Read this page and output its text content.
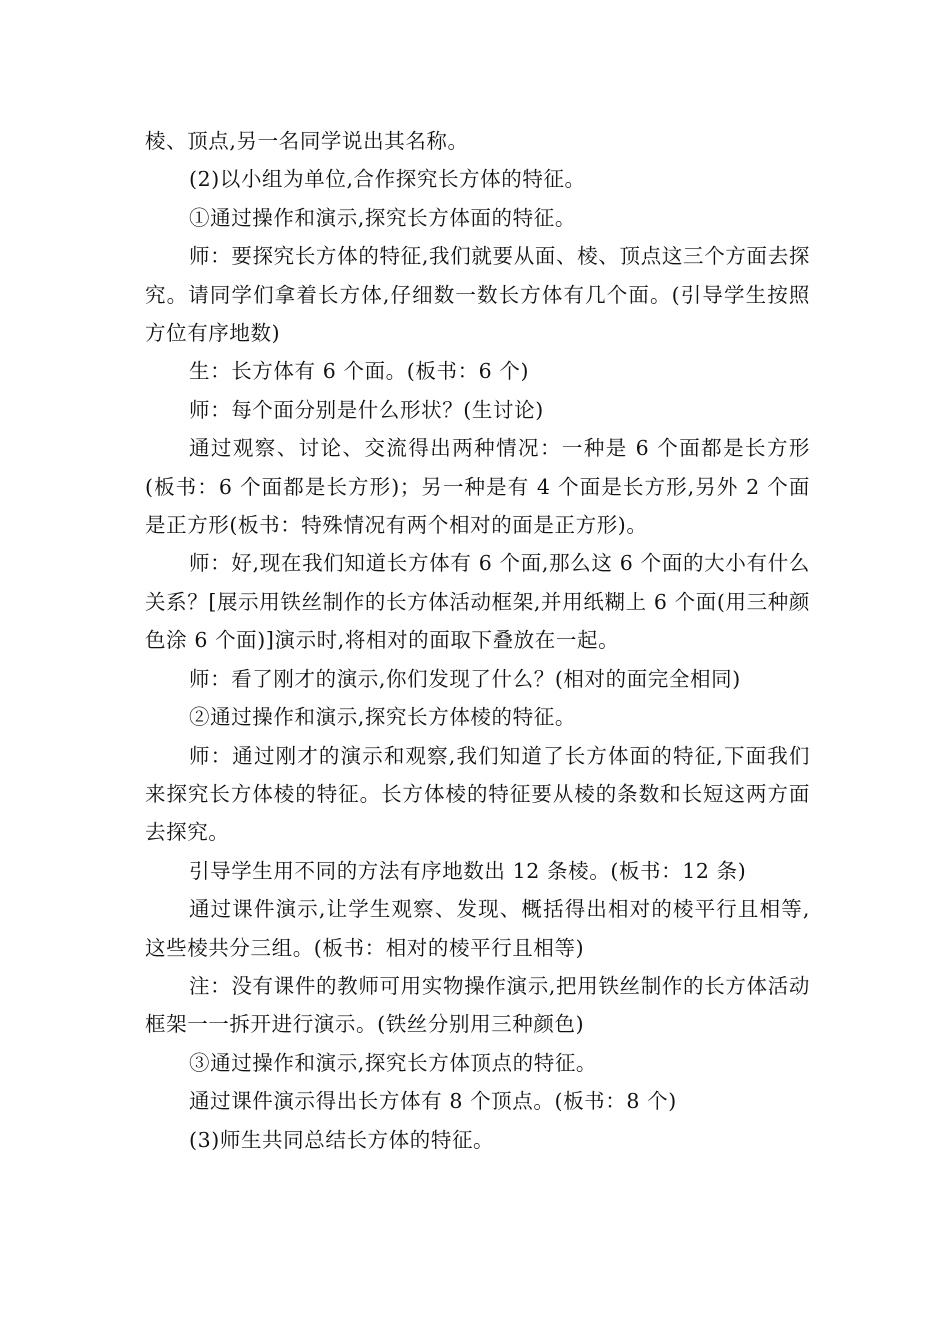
棱、顶点,另一名同学说出其名称。

(2)以小组为单位,合作探究长方体的特征。

①通过操作和演示,探究长方体面的特征。

师：要探究长方体的特征,我们就要从面、棱、顶点这三个方面去探究。请同学们拿着长方体,仔细数一数长方体有几个面。(引导学生按照方位有序地数)

生：长方体有 6 个面。(板书：6 个)

师：每个面分别是什么形状？(生讨论)

通过观察、讨论、交流得出两种情况：一种是 6 个面都是长方形(板书：6 个面都是长方形)；另一种是有 4 个面是长方形,另外 2 个面是正方形(板书：特殊情况有两个相对的面是正方形)。

师：好,现在我们知道长方体有 6 个面,那么这 6 个面的大小有什么关系？[展示用铁丝制作的长方体活动框架,并用纸糊上 6 个面(用三种颜色涂 6 个面)]演示时,将相对的面取下叠放在一起。

师：看了刚才的演示,你们发现了什么？(相对的面完全相同)

②通过操作和演示,探究长方体棱的特征。

师：通过刚才的演示和观察,我们知道了长方体面的特征,下面我们来探究长方体棱的特征。长方体棱的特征要从棱的条数和长短这两方面去探究。

引导学生用不同的方法有序地数出 12 条棱。(板书：12 条)

通过课件演示,让学生观察、发现、概括得出相对的棱平行且相等,这些棱共分三组。(板书：相对的棱平行且相等)

注：没有课件的教师可用实物操作演示,把用铁丝制作的长方体活动框架一一拆开进行演示。(铁丝分别用三种颜色)

③通过操作和演示,探究长方体顶点的特征。

通过课件演示得出长方体有 8 个顶点。(板书：8 个)

(3)师生共同总结长方体的特征。
